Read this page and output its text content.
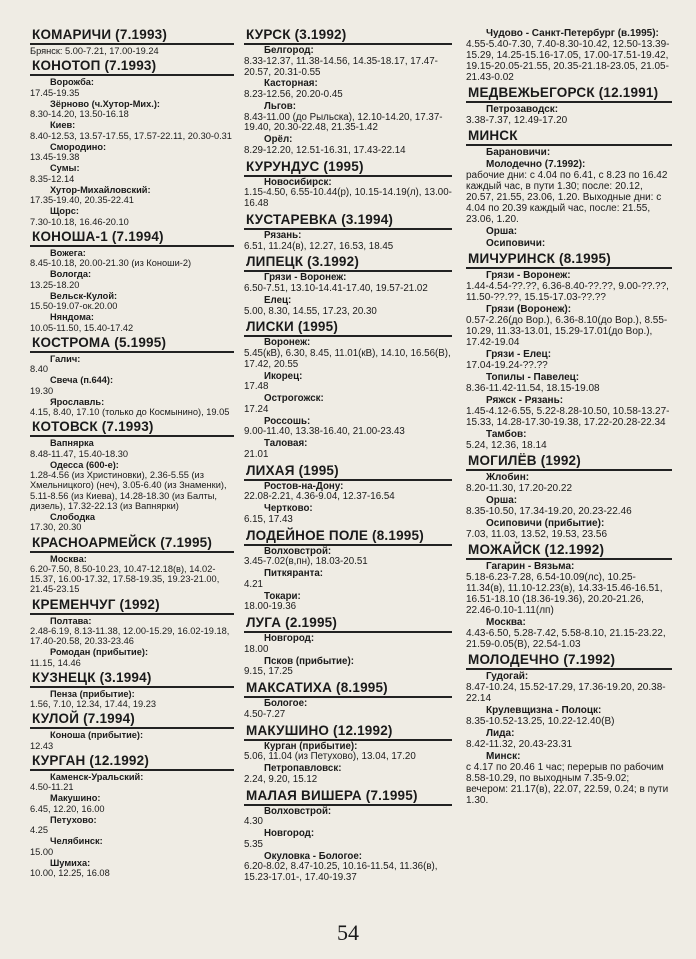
КОМАРИЧИ (7.1993)
Брянск: 5.00-7.21, 17.00-19.24
КОНОТОП (7.1993)
Ворожба:
17.45-19.35
Зёрново (ч.Хутор-Мих.):
8.30-14.20, 13.50-16.18
Киев:
8.40-12.53, 13.57-17.55, 17.57-22.11, 20.30-0.31
Смородино:
13.45-19.38
Сумы:
8.35-12.14
Хутор-Михайловский:
17.35-19.40, 20.35-22.41
Щорс:
7.30-10.18, 16.46-20.10
КОНОША-1 (7.1994)
Вожега:
8.45-10.18, 20.00-21.30 (из Коноши-2)
Вологда:
13.25-18.20
Вельск-Кулой:
15.50-19.07-ок.20.00
Няндома:
10.05-11.50, 15.40-17.42
КОСТРОМА (5.1995)
Галич:
8.40
Свеча (п.644):
19.30
Ярославль:
4.15, 8.40, 17.10 (только до Космынино), 19.05
КОТОВСК (7.1993)
Вапнярка
8.48-11.47, 15.40-18.30
Одесса (600-е):
1.28-4.56 (из Христиновки), 2.36-5.55 (из Хмельницкого) (неч), 3.05-6.40 (из Знаменки), 5.11-8.56 (из Киева), 14.28-18.30 (из Балты, дизель), 17.32-22.13 (из Вапнярки)
Слободка
17.30, 20.30
КРАСНОАРМЕЙСК (7.1995)
Москва:
6.20-7.50, 8.50-10.23, 10.47-12.18(в), 14.02-15.37, 16.00-17.32, 17.58-19.35, 19.23-21.00, 21.45-23.15
КРЕМЕНЧУГ (1992)
Полтава:
2.48-6.19, 8.13-11.38, 12.00-15.29, 16.02-19.18, 17.40-20.58, 20.33-23.46
Ромодан (прибытие):
11.15, 14.46
КУЗНЕЦК (3.1994)
Пенза (прибытие):
1.56, 7.10, 12.34, 17.44, 19.23
КУЛОЙ (7.1994)
Коноша (прибытие):
12.43
КУРГАН (12.1992)
Каменск-Уральский:
4.50-11.21
Макушино:
6.45, 12.20, 16.00
Петухово:
4.25
Челябинск:
15.00
Шумиха:
10.00, 12.25, 16.08
КУРСК (3.1992)
Белгород:
8.33-12.37, 11.38-14.56, 14.35-18.17, 17.47-20.57, 20.31-0.55
Касторная:
8.23-12.56, 20.20-0.45
Льгов:
8.43-11.00 (до Рыльска), 12.10-14.20, 17.37-19.40, 20.30-22.48, 21.35-1.42
Орёл:
8.29-12.20, 12.51-16.31, 17.43-22.14
КУРУНДУС (1995)
Новосибирск:
1.15-4.50, 6.55-10.44(р), 10.15-14.19(л), 13.00-16.48
КУСТАРЕВКА (3.1994)
Рязань:
6.51, 11.24(в), 12.27, 16.53, 18.45
ЛИПЕЦК (3.1992)
Грязи - Воронеж:
6.50-7.51, 13.10-14.41-17.40, 19.57-21.02
Елец:
5.00, 8.30, 14.55, 17.23, 20.30
ЛИСКИ (1995)
Воронеж:
5.45(кВ), 6.30, 8.45, 11.01(кВ), 14.10, 16.56(В), 17.42, 20.55
Икорец:
17.48
Острогожск:
17.24
Россошь:
9.00-11.40, 13.38-16.40, 21.00-23.43
Таловая:
21.01
ЛИХАЯ (1995)
Ростов-на-Дону:
22.08-2.21, 4.36-9.04, 12.37-16.54
Чертково:
6.15, 17.43
ЛОДЕЙНОЕ ПОЛЕ (8.1995)
Волховстрой:
3.45-7.02(в,пн), 18.03-20.51
Питкяранта:
4.21
Токари:
18.00-19.36
ЛУГА (2.1995)
Новгород:
18.00
Псков (прибытие):
9.15, 17.25
МАКСАТИХА (8.1995)
Бологое:
4.50-7.27
МАКУШИНО (12.1992)
Курган (прибытие):
5.06, 11.04 (из Петухово), 13.04, 17.20
Петропавловск:
2.24, 9.20, 15.12
МАЛАЯ ВИШЕРА (7.1995)
Волховстрой:
4.30
Новгород:
5.35
Окуловка - Бологое:
6.20-8.02, 8.47-10.25, 10.16-11.54, 11.36(в), 15.23-17.01-, 17.40-19.37
Чудово - Санкт-Петербург (в.1995):
4.55-5.40-7.30, 7.40-8.30-10.42, 12.50-13.39-15.29, 14.25-15.16-17.05, 17.00-17.51-19.42, 19.15-20.05-21.55, 20.35-21.18-23.05, 21.05-21.43-0.02
МЕДВЕЖЬЕГОРСК (12.1991)
Петрозаводск:
3.38-7.37, 12.49-17.20
МИНСК
Барановичи:
Молодечно (7.1992):
рабочие дни: с 4.04 по 6.41, с 8.23 по 16.42 каждый час, в пути 1.30; после: 20.12, 20.57, 21.55, 23.06, 1.20. Выходные дни: с 4.04 по 20.39 каждый час, после: 21.55, 23.06, 1.20.
Орша:
Осиповичи:
МИЧУРИНСК (8.1995)
Грязи - Воронеж:
1.44-4.54-??.??, 6.36-8.40-??.??, 9.00-??.??, 11.50-??.??, 15.15-17.03-??.??
Грязи (Воронеж):
0.57-2.26(до Вор.), 6.36-8.10(до Вор.), 8.55-10.29, 11.33-13.01, 15.29-17.01(до Вор.), 17.42-19.04
Грязи - Елец:
17.04-19.24-??.??
Топилы - Павелец:
8.36-11.42-11.54, 18.15-19.08
Ряжск - Рязань:
1.45-4.12-6.55, 5.22-8.28-10.50, 10.58-13.27-15.33, 14.28-17.30-19.38, 17.22-20.28-22.34
Тамбов:
5.24, 12.36, 18.14
МОГИЛЁВ (1992)
Жлобин:
8.20-11.30, 17.20-20.22
Орша:
8.35-10.50, 17.34-19.20, 20.23-22.46
Осиповичи (прибытие):
7.03, 11.03, 13.52, 19.53, 23.56
МОЖАЙСК (12.1992)
Гагарин - Вязьма:
5.18-6.23-7.28, 6.54-10.09(лс), 10.25-11.34(в), 11.10-12.23(в), 14.33-15.46-16.51, 16.51-18.10 (18.36-19.36), 20.20-21.26, 22.46-0.10-1.11(лп)
Москва:
4.43-6.50, 5.28-7.42, 5.58-8.10, 21.15-23.22, 21.59-0.05(В), 22.54-1.03
МОЛОДЕЧНО (7.1992)
Гудогай:
8.47-10.24, 15.52-17.29, 17.36-19.20, 20.38-22.14
Крулевщизна - Полоцк:
8.35-10.52-13.25, 10.22-12.40(В)
Лида:
8.42-11.32, 20.43-23.31
Минск:
с 4.17 по 20.46 1 час; перерыв по рабочим 8.58-10.29, по выходным 7.35-9.02; вечером: 21.17(в), 22.07, 22.59, 0.24; в пути 1.30.
54
